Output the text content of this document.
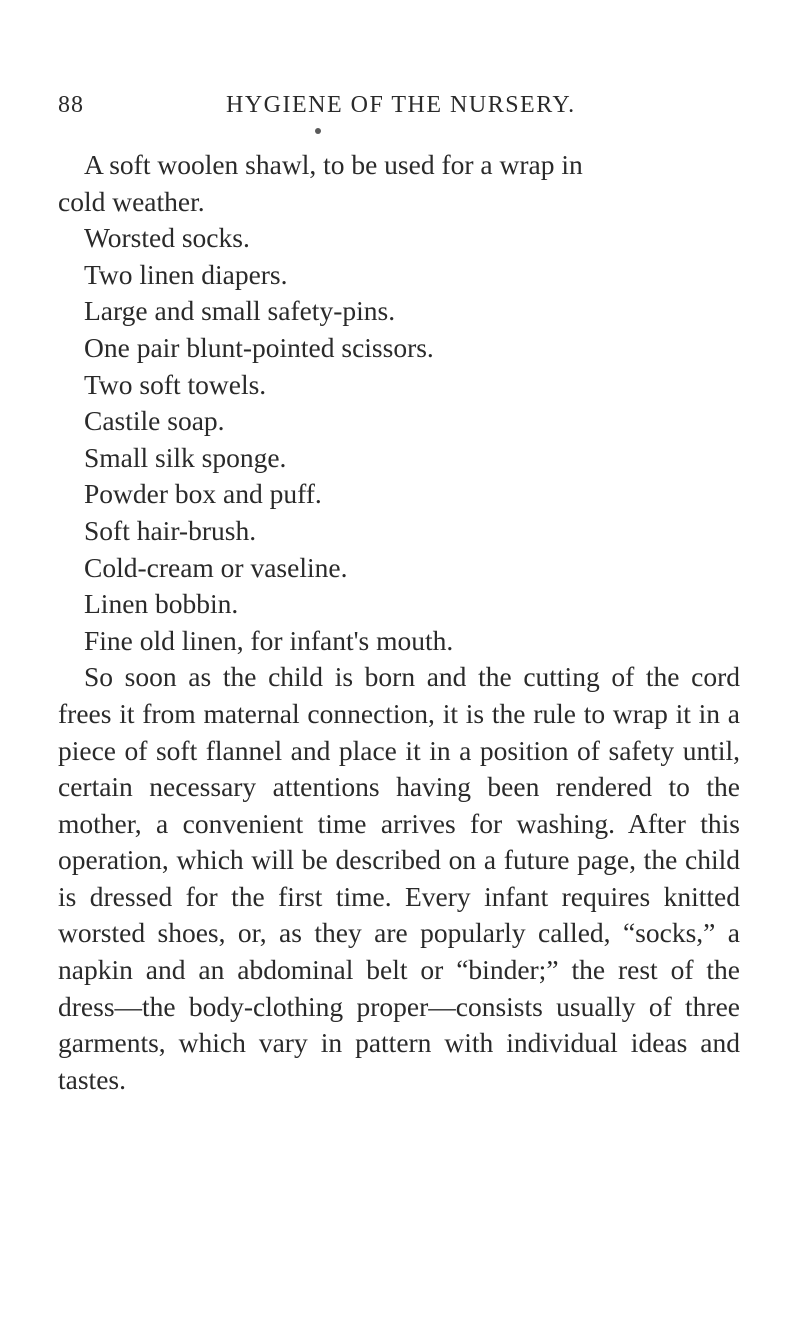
88	HYGIENE OF THE NURSERY.

A soft woolen shawl, to be used for a wrap in

cold weather.

Worsted socks.

Two linen diapers.

Large and small safety-pins.

One pair blunt-pointed scissors.

Two soft towels.

Castile soap.

Small silk sponge.

Powder box and puff.

Soft hair-brush.

Cold-cream or vaseline.

Linen bobbin.

Fine old linen, for infant's mouth.

So soon as the child is born and the cutting of the cord frees it from maternal connection, it is the rule to wrap it in a piece of soft flannel and place it in a position of safety until, certain necessary attentions having been rendered to the mother, a convenient time arrives for washing. After this operation, which will be described on a future page, the child is dressed for the first time. Every infant requires knitted worsted shoes, or, as they are popularly called, “socks,” a napkin and an abdominal belt or “binder;” the rest of the dress—the body-clothing proper—consists usually of three garments, which vary in pattern with individual ideas and tastes.
